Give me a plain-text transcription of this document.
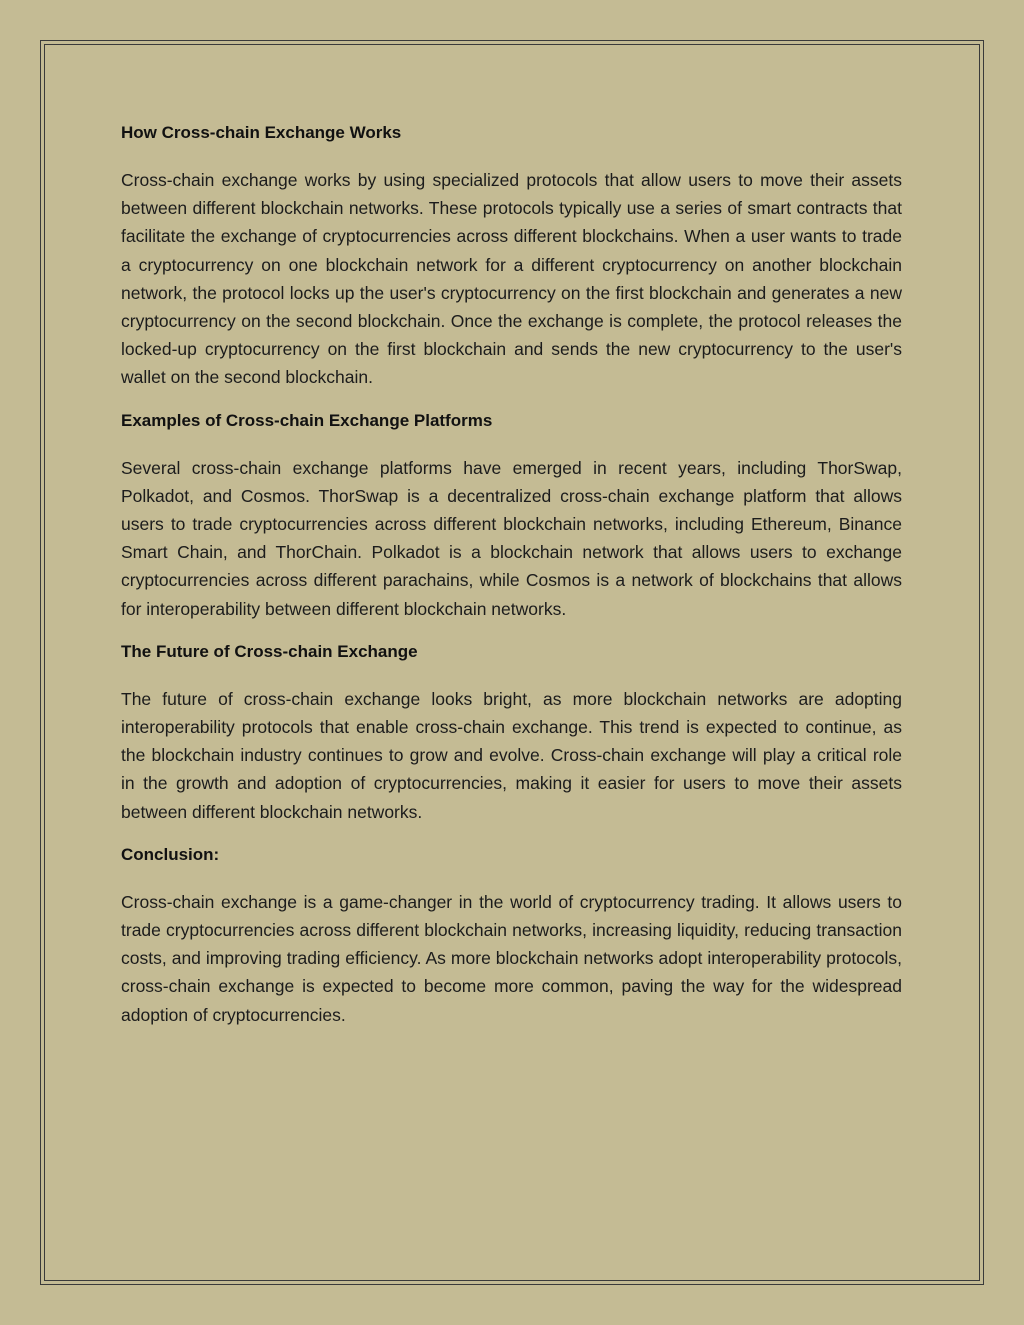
How Cross-chain Exchange Works

Cross-chain exchange works by using specialized protocols that allow users to move their assets between different blockchain networks. These protocols typically use a series of smart contracts that facilitate the exchange of cryptocurrencies across different blockchains. When a user wants to trade a cryptocurrency on one blockchain network for a different cryptocurrency on another blockchain network, the protocol locks up the user's cryptocurrency on the first blockchain and generates a new cryptocurrency on the second blockchain. Once the exchange is complete, the protocol releases the locked-up cryptocurrency on the first blockchain and sends the new cryptocurrency to the user's wallet on the second blockchain.

Examples of Cross-chain Exchange Platforms

Several cross-chain exchange platforms have emerged in recent years, including ThorSwap, Polkadot, and Cosmos. ThorSwap is a decentralized cross-chain exchange platform that allows users to trade cryptocurrencies across different blockchain networks, including Ethereum, Binance Smart Chain, and ThorChain. Polkadot is a blockchain network that allows users to exchange cryptocurrencies across different parachains, while Cosmos is a network of blockchains that allows for interoperability between different blockchain networks.

The Future of Cross-chain Exchange

The future of cross-chain exchange looks bright, as more blockchain networks are adopting interoperability protocols that enable cross-chain exchange. This trend is expected to continue, as the blockchain industry continues to grow and evolve. Cross-chain exchange will play a critical role in the growth and adoption of cryptocurrencies, making it easier for users to move their assets between different blockchain networks.

Conclusion:

Cross-chain exchange is a game-changer in the world of cryptocurrency trading. It allows users to trade cryptocurrencies across different blockchain networks, increasing liquidity, reducing transaction costs, and improving trading efficiency. As more blockchain networks adopt interoperability protocols, cross-chain exchange is expected to become more common, paving the way for the widespread adoption of cryptocurrencies.
